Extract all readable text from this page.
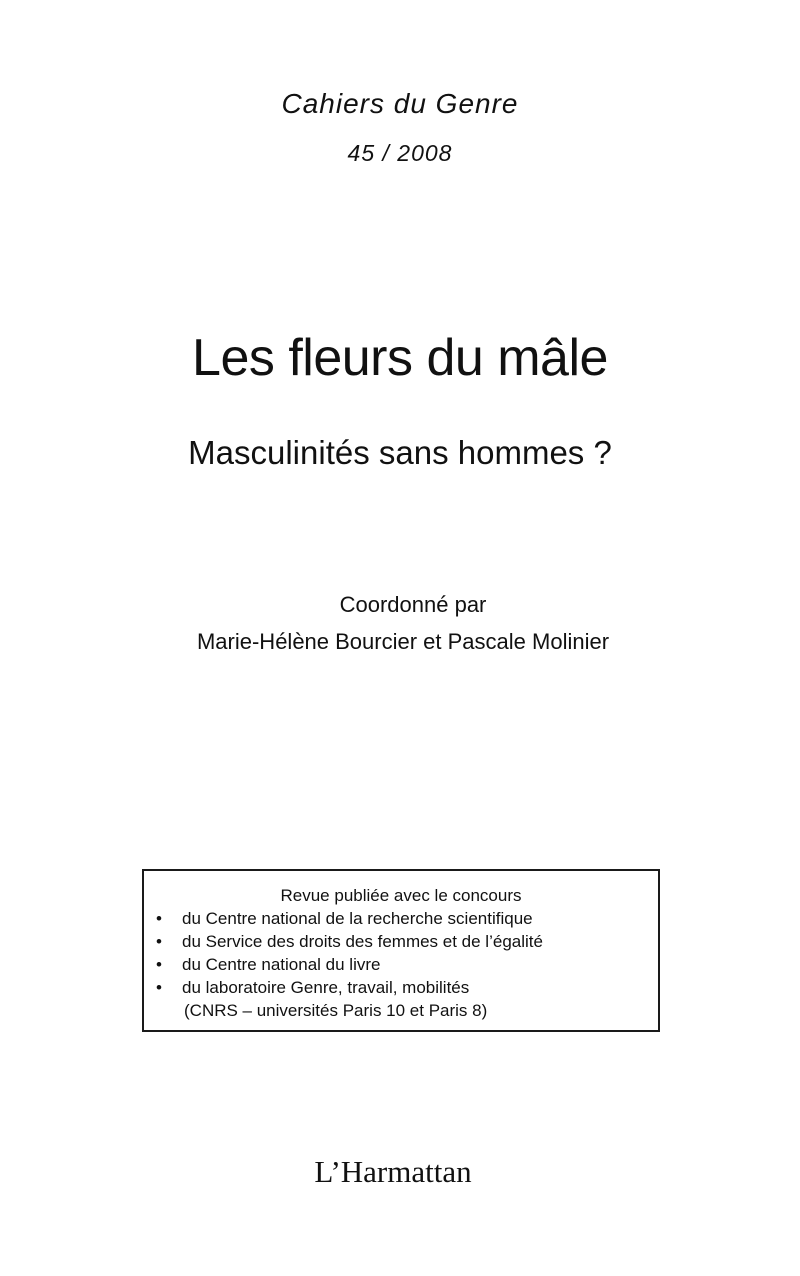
Cahiers du Genre
45 / 2008
Les fleurs du mâle
Masculinités sans hommes ?
Coordonné par
Marie-Hélène Bourcier et Pascale Molinier
Revue publiée avec le concours
• du Centre national de la recherche scientifique
• du Service des droits des femmes et de l’égalité
• du Centre national du livre
• du laboratoire Genre, travail, mobilités
(CNRS – universités Paris 10 et Paris 8)
L’Harmattan
